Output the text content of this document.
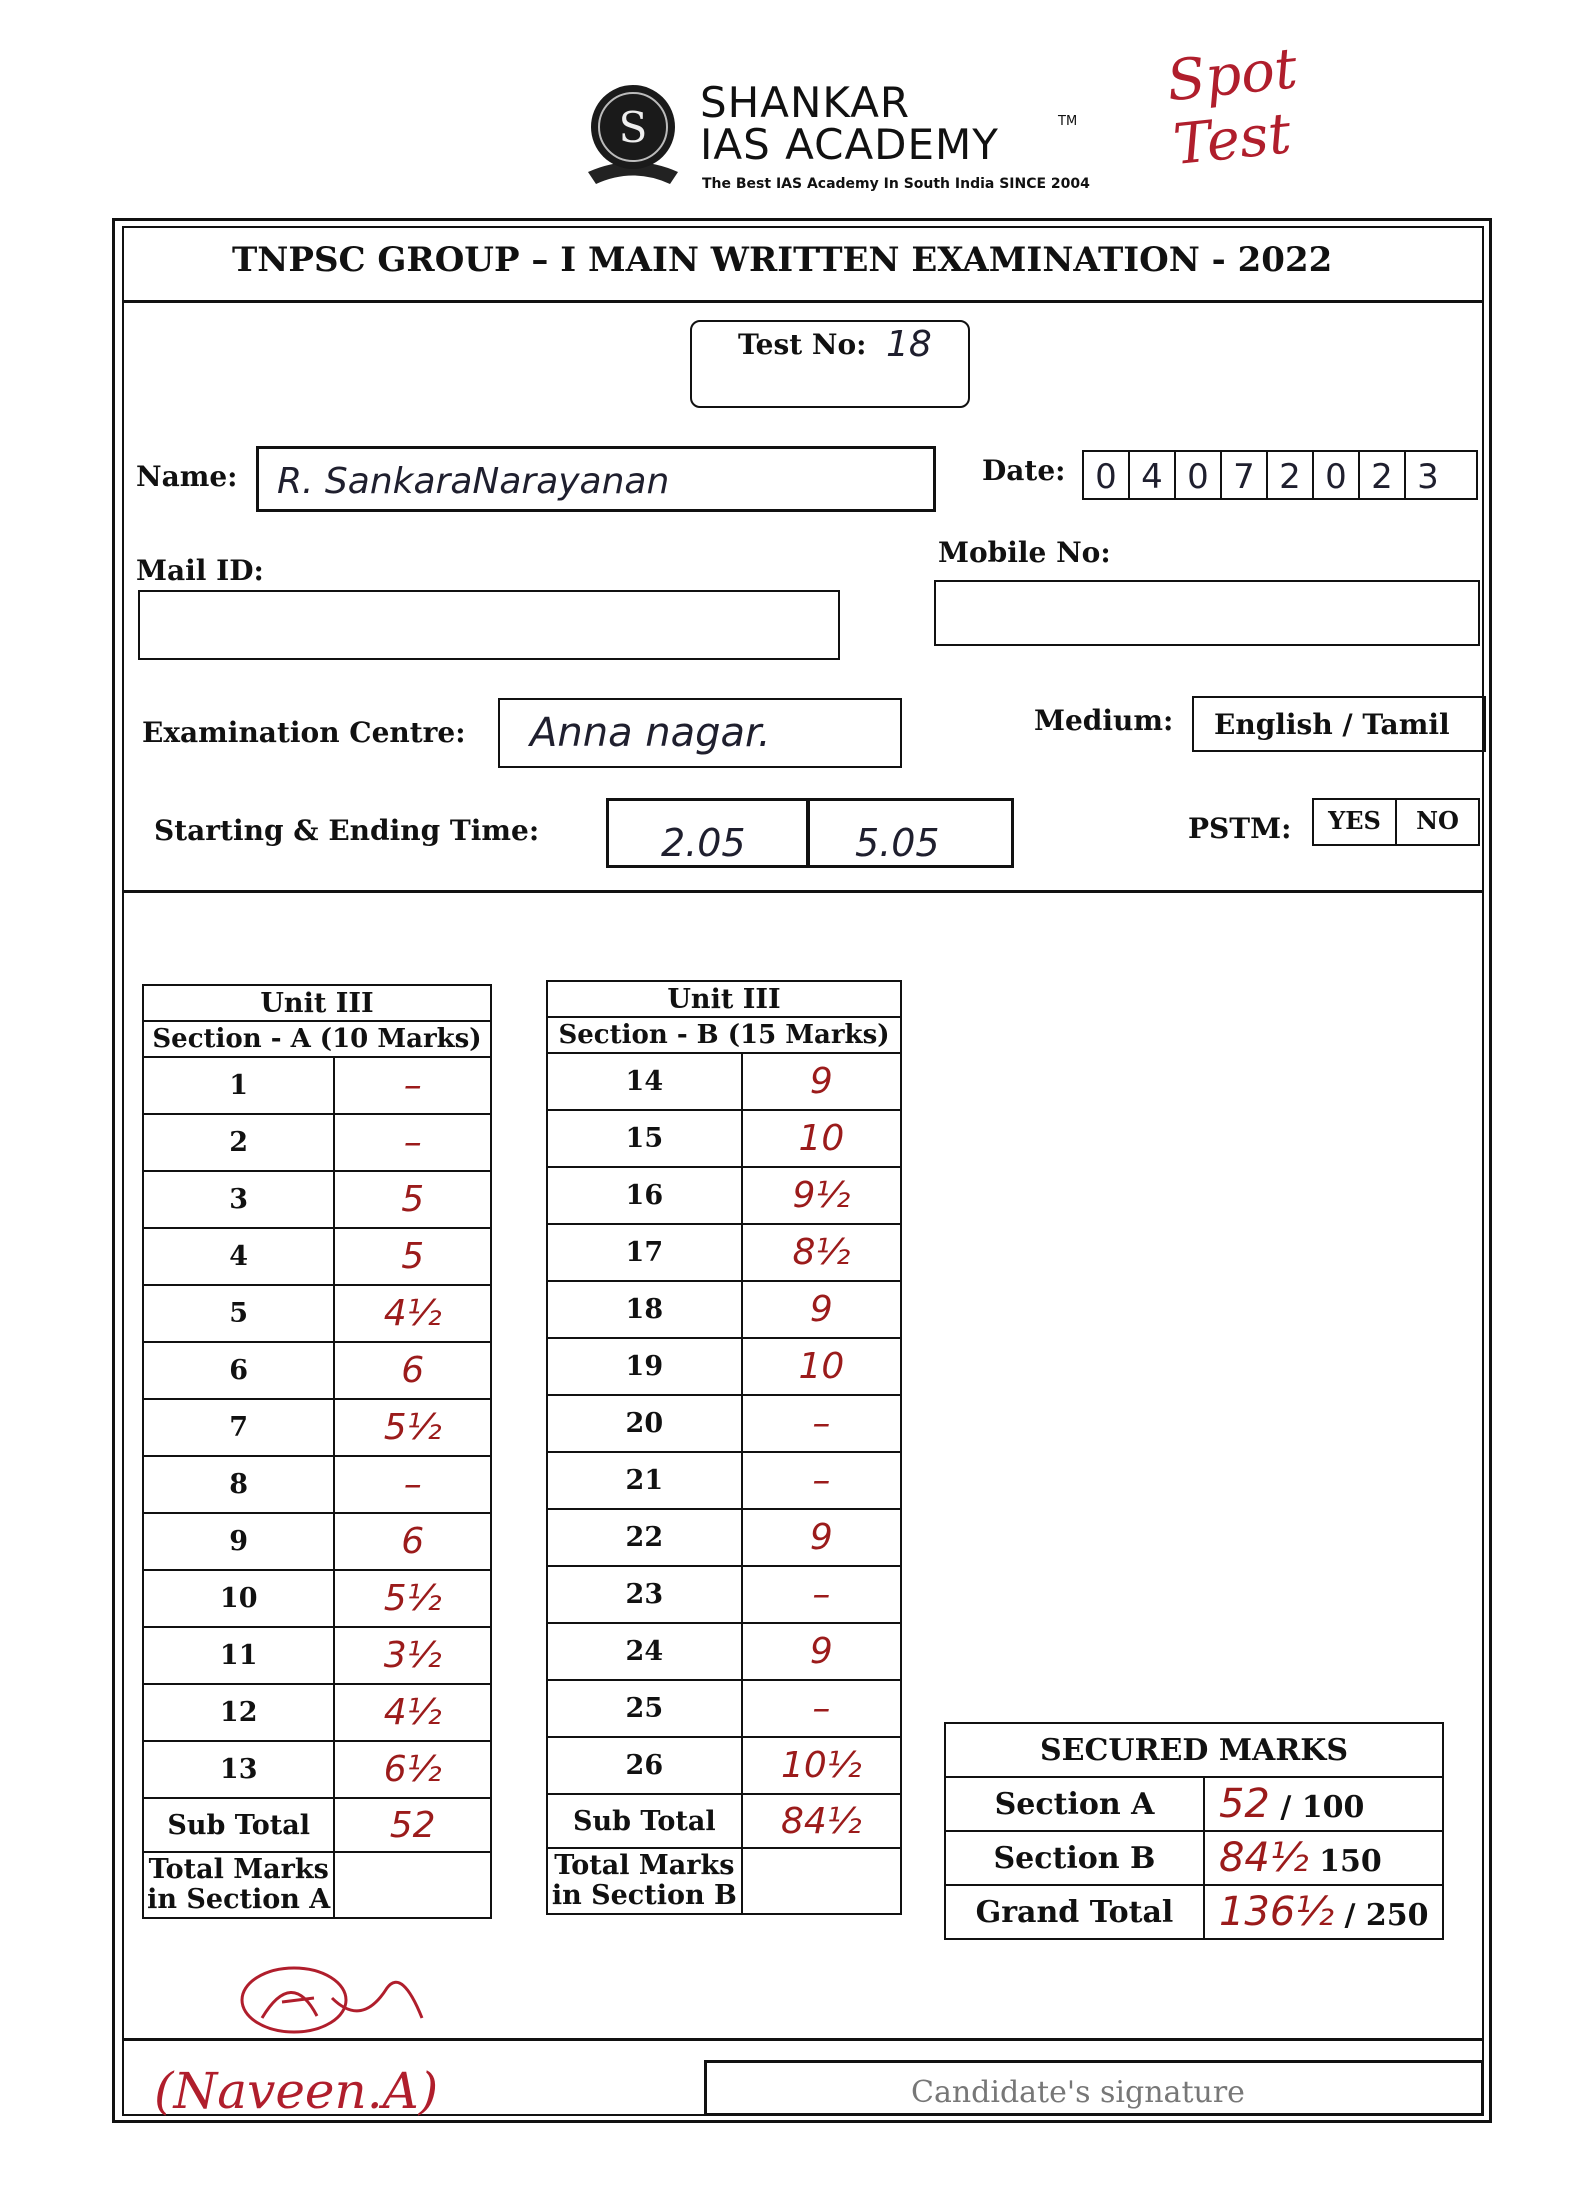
S
SHANKAR
IAS ACADEMY	TM
The Best IAS Academy In South India SINCE 2004
Spot Test
TNPSC GROUP – I MAIN WRITTEN EXAMINATION - 2022
Test No: 18
Name: R. SankaraNarayanan	Date: 0 4 0 7 2 0 2 3
Mail ID:
Mobile No:
Examination Centre: Anna nagar.	Medium: English / Tamil
Starting & Ending Time:	2.05	5.05	PSTM:	YES	NO
Unit III	
Section - A (10 Marks)	
1	–
2	–
3	5
4	5
5	4½
6	6
7	5½
8	–
9	6
10	5½
11	3½
12	4½
13	6½
Sub Total	52

Total Marks
in Section A	

Unit III	
Section - B (15 Marks)	
14	9
15	10
16	9½
17	8½
18	9
19	10
20	–
21	–
22	9
23	–
24	9
25	–
26	10½
Sub Total	84½

Total Marks
in Section B	

SECURED MARKS	
Section A	52 / 100
Section B	84½ 150
Grand Total	136½ / 250
(Naveen.A)	Candidate's signature
